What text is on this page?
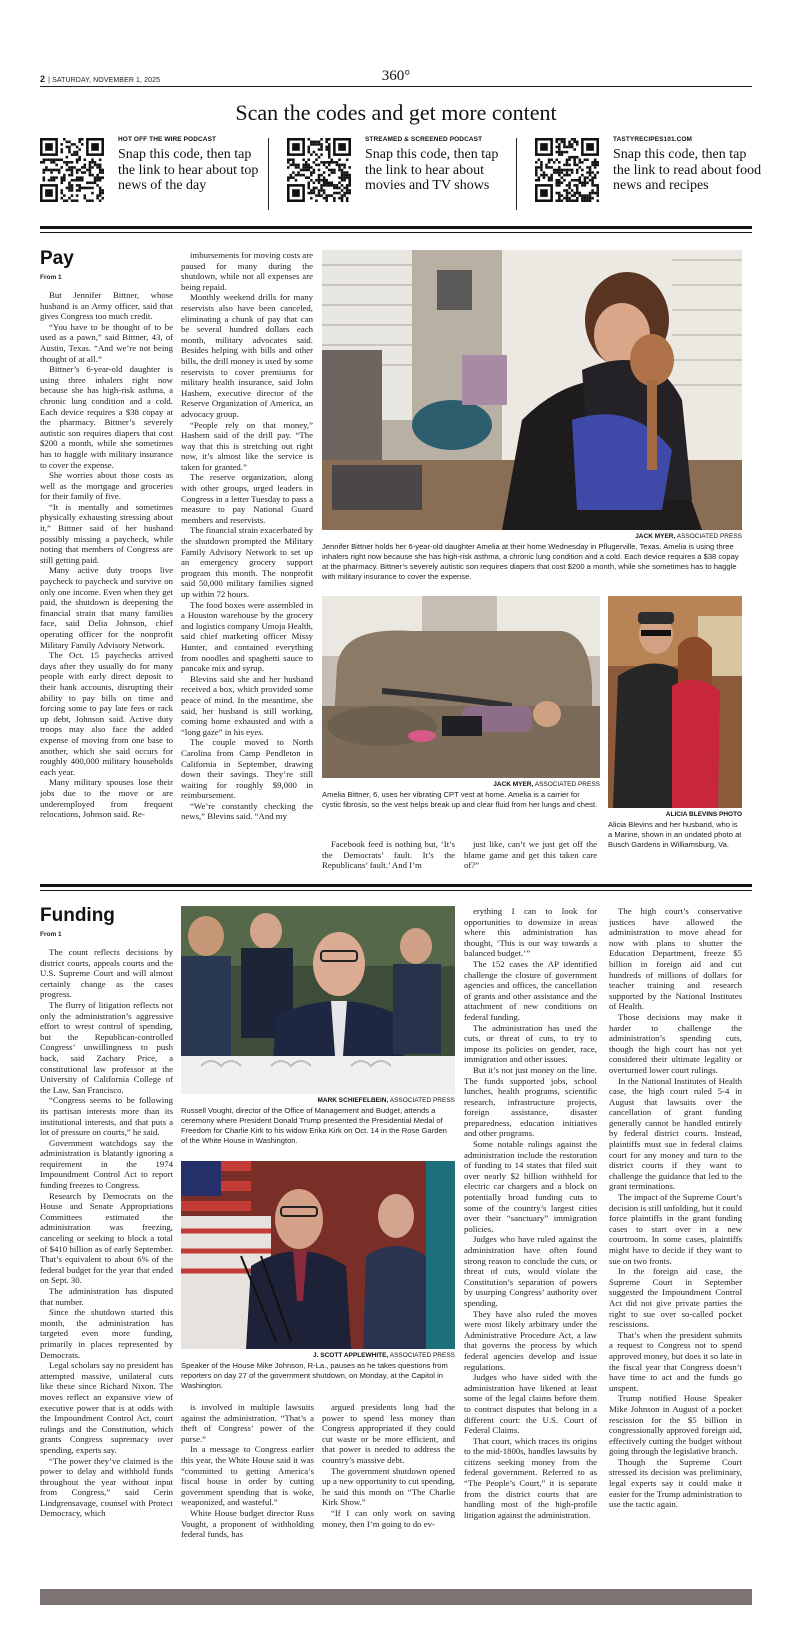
2 | SATURDAY, NOVEMBER 1, 2025	360°
Scan the codes and get more content
HOT OFF THE WIRE PODCAST
Snap this code, then tap the link to hear about top news of the day
STREAMED & SCREENED PODCAST
Snap this code, then tap the link to hear about movies and TV shows
TASTYRECIPES101.COM
Snap this code, then tap the link to read about food news and recipes
Pay
From 1

But Jennifer Bittner, whose husband is an Army officer, said that gives Congress too much credit.

“You have to be thought of to be used as a pawn,” said Bittner, 43, of Austin, Texas. “And we’re not being thought of at all.”

Bittner’s 6-year-old daughter is using three inhalers right now because she has high-risk asthma, a chronic lung condition and a cold. Each device requires a $38 copay at the pharmacy. Bittner’s severely autistic son requires diapers that cost $200 a month, while she sometimes has to haggle with military insurance to cover the expense.

She worries about those costs as well as the mortgage and groceries for their family of five.

“It is mentally and sometimes physically exhausting stressing about it,” Bittner said of her husband possibly missing a paycheck, while noting that members of Congress are still getting paid.

Many active duty troops live paycheck to paycheck and survive on only one income. Even when they get paid, the shutdown is deepening the financial strain that many families face, said Delia Johnson, chief operating officer for the nonprofit Military Family Advisory Network.

The Oct. 15 paychecks arrived days after they usually do for many people with early direct deposit to their bank accounts, disrupting their ability to pay bills on time and forcing some to pay late fees or rack up debt, Johnson said. Active duty troops may also face the added expense of moving from one base to another, which she said occurs for roughly 400,000 military households each year.

Many military spouses lose their jobs due to the move or are underemployed from frequent relocations, Johnson said. Re-

imbursements for moving costs are paused for many during the shutdown, while not all expenses are being repaid.

Monthly weekend drills for many reservists also have been canceled, eliminating a chunk of pay that can be several hundred dollars each month, military advocates said. Besides helping with bills and other bills, the drill money is used by some reservists to cover premiums for military health insurance, said John Hashem, executive director of the Reserve Organization of America, an advocacy group.

“People rely on that money,” Hashem said of the drill pay. “The way that this is stretching out right now, it’s almost like the service is taken for granted.”

The reserve organization, along with other groups, urged leaders in Congress in a letter Tuesday to pass a measure to pay National Guard members and reservists.

The financial strain exacerbated by the shutdown prompted the Military Family Advisory Network to set up an emergency grocery support program this month. The nonprofit said 50,000 military families signed up within 72 hours.

The food boxes were assembled in a Houston warehouse by the grocery and logistics company Umoja Health, said chief marketing officer Missy Hunter, and contained everything from noodles and spaghetti sauce to pancake mix and syrup.

Blevins said she and her husband received a box, which provided some peace of mind. In the meantime, she said, her husband is still working, coming home exhausted and with a “long gaze” in his eyes.

The couple moved to North Carolina from Camp Pendleton in California in September, drawing down their savings. They’re still waiting for roughly $9,000 in reimbursement.

“We’re constantly checking the news,” Blevins said. “And my

Facebook feed is nothing but, ‘It’s the Democrats’ fault. It’s the Republicans’ fault.’ And I’m

just like, can’t we just get off the blame game and get this taken care of?”

JACK MYER, ASSOCIATED PRESS
Jennifer Bittner holds her 6-year-old daughter Amelia at their home Wednesday in Pflugerville, Texas. Amelia is using three inhalers right now because she has high-risk asthma, a chronic lung condition and a cold. Each device requires a $38 copay at the pharmacy. Bittner’s severely autistic son requires diapers that cost $200 a month, while she sometimes has to haggle with military insurance to cover the expense.
JACK MYER, ASSOCIATED PRESS
Amelia Bittner, 6, uses her vibrating CPT vest at home. Amelia is a carrier for cystic fibrosis, so the vest helps break up and clear fluid from her lungs and chest.
ALICIA BLEVINS PHOTO
Alicia Blevins and her husband, who is a Marine, shown in an undated photo at Busch Gardens in Williamsburg, Va.
Funding
From 1

The count reflects decisions by district courts, appeals courts and the U.S. Supreme Court and will almost certainly change as the cases progress.

The flurry of litigation reflects not only the administration’s aggressive effort to wrest control of spending, but the Republican-controlled Congress’ unwillingness to push back, said Zachary Price, a constitutional law professor at the University of California College of the Law, San Francisco.

“Congress seems to be following its partisan interests more than its institutional interests, and that puts a lot of pressure on courts,” he said.

Government watchdogs say the administration is blatantly ignoring a requirement in the 1974 Impoundment Control Act to report funding freezes to Congress.

Research by Democrats on the House and Senate Appropriations Committees estimated the administration was freezing, canceling or seeking to block a total of $410 billion as of early September. That’s equivalent to about 6% of the federal budget for the year that ended on Sept. 30.

The administration has disputed that number.

Since the shutdown started this month, the administration has targeted even more funding, primarily in places represented by Democrats.

Legal scholars say no president has attempted massive, unilateral cuts like these since Richard Nixon. The moves reflect an expansive view of executive power that is at odds with the Impoundment Control Act, court rulings and the Constitution, which grants Congress supremacy over spending, experts say.

“The power they’ve claimed is the power to delay and withhold funds throughout the year without input from Congress,” said Cerin Lindgrensavage, counsel with Protect Democracy, which

is involved in multiple lawsuits against the administration. “That’s a theft of Congress’ power of the purse.”

In a message to Congress earlier this year, the White House said it was “committed to getting America’s fiscal house in order by cutting government spending that is woke, weaponized, and wasteful.”

White House budget director Russ Vought, a proponent of withholding federal funds, has

argued presidents long had the power to spend less money than Congress appropriated if they could cut waste or be more efficient, and that power is needed to address the country’s massive debt.

The government shutdown opened up a new opportunity to cut spending, he said this month on “The Charlie Kirk Show.”

“If I can only work on saving money, then I’m going to do ev-

erything I can to look for opportunities to downsize in areas where this administration has thought, ‘This is our way towards a balanced budget.’”

The 152 cases the AP identified challenge the closure of government agencies and offices, the cancellation of grants and other assistance and the attachment of new conditions on federal funding.

The administration has used the cuts, or threat of cuts, to try to impose its policies on gender, race, immigration and other issues.

But it’s not just money on the line. The funds supported jobs, school lunches, health programs, scientific research, infrastructure projects, foreign assistance, disaster preparedness, education initiatives and other programs.

Some notable rulings against the administration include the restoration of funding to 14 states that filed suit over nearly $2 billion withheld for electric car chargers and a block on potentially broad funding cuts to some of the country’s largest cities over their “sanctuary” immigration policies.

Judges who have ruled against the administration have often found strong reason to conclude the cuts, or threat of cuts, would violate the Constitution’s separation of powers by usurping Congress’ authority over spending.

They have also ruled the moves were most likely arbitrary under the Administrative Procedure Act, a law that governs the process by which federal agencies develop and issue regulations.

Judges who have sided with the administration have likened at least some of the legal claims before them to contract disputes that belong in a different court: the U.S. Court of Federal Claims.

That court, which traces its origins to the mid-1800s, handles lawsuits by citizens seeking money from the federal government. Referred to as “The People’s Court,” it is separate from the district courts that are handling most of the high-profile litigation against the administration.

The high court’s conservative justices have allowed the administration to move ahead for now with plans to shutter the Education Department, freeze $5 billion in foreign aid and cut hundreds of millions of dollars for teacher training and research supported by the National Institutes of Health.

Those decisions may make it harder to challenge the administration’s spending cuts, though the high court has not yet considered their ultimate legality or overturned lower court rulings.

In the National Institutes of Health case, the high court ruled 5-4 in August that lawsuits over the cancellation of grant funding generally cannot be handled entirely by federal district courts. Instead, plaintiffs must sue in federal claims court for any money and turn to the district courts if they want to challenge the guidance that led to the grant terminations.

The impact of the Supreme Court’s decision is still unfolding, but it could force plaintiffs in the grant funding cases to start over in a new courtroom. In some cases, plaintiffs might have to decide if they want to sue on two fronts.

In the foreign aid case, the Supreme Court in September suggested the Impoundment Control Act did not give private parties the right to sue over so-called pocket rescissions.

That’s when the president submits a request to Congress not to spend approved money, but does it so late in the fiscal year that Congress doesn’t have time to act and the funds go unspent.

Trump notified House Speaker Mike Johnson in August of a pocket rescission for the $5 billion in congressionally approved foreign aid, effectively cutting the budget without going through the legislative branch.

Though the Supreme Court stressed its decision was preliminary, legal experts say it could make it easier for the Trump administration to use the tactic again.

MARK SCHIEFELBEIN, ASSOCIATED PRESS
Russell Vought, director of the Office of Management and Budget, attends a ceremony where President Donald Trump presented the Presidential Medal of Freedom for Charlie Kirk to his widow Erika Kirk on Oct. 14 in the Rose Garden of the White House in Washington.
J. SCOTT APPLEWHITE, ASSOCIATED PRESS
Speaker of the House Mike Johnson, R-La., pauses as he takes questions from reporters on day 27 of the government shutdown, on Monday, at the Capitol in Washington.
